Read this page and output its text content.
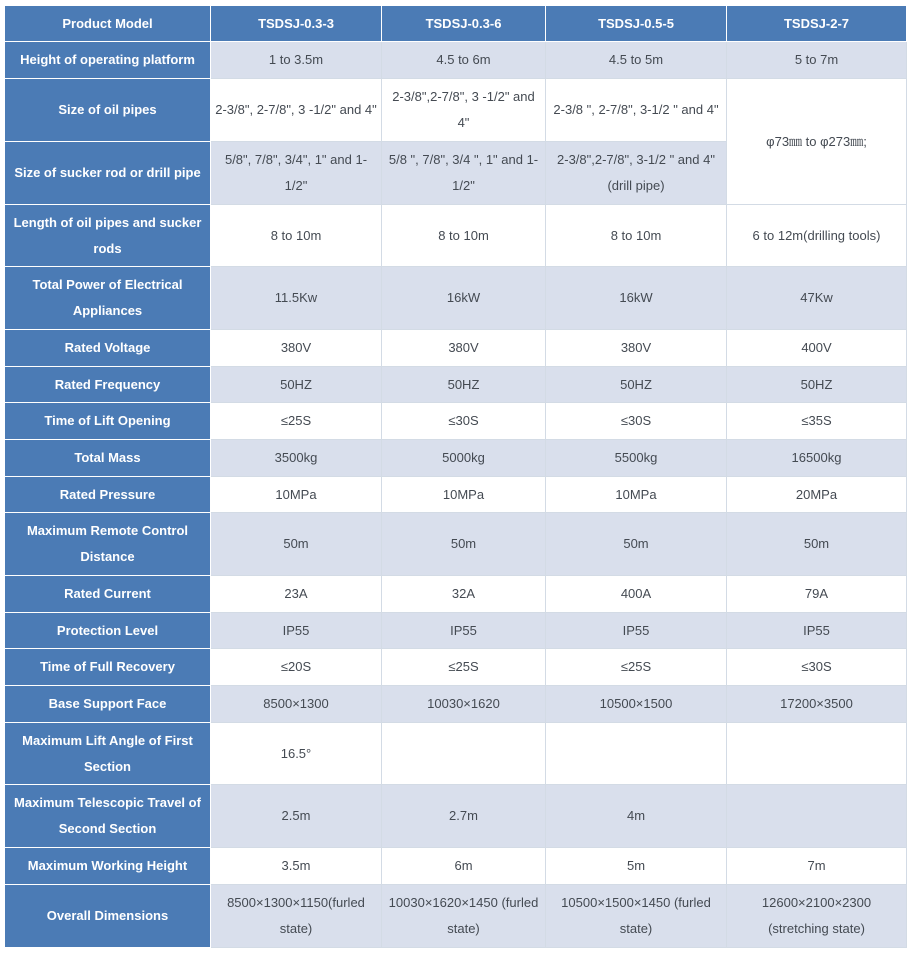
Product Model	TSDSJ-0.3-3	TSDSJ-0.3-6	TSDSJ-0.5-5	TSDSJ-2-7
Height of operating platform	1 to 3.5m	4.5 to 6m	4.5 to 5m	5 to 7m
Size of oil pipes	2-3/8", 2-7/8", 3 -1/2" and 4"	2-3/8",2-7/8", 3 -1/2" and 4"	2-3/8 ", 2-7/8", 3-1/2 " and 4"	φ73㎜ to φ273㎜;
Size of sucker rod or drill pipe	5/8", 7/8", 3/4", 1" and 1-1/2"	5/8 ", 7/8", 3/4 ", 1" and 1-1/2"	2-3/8",2-7/8", 3-1/2 " and 4" (drill pipe)	
Length of oil pipes and sucker rods	8 to 10m	8 to 10m	8 to 10m	6 to 12m(drilling tools)
Total Power of Electrical Appliances	11.5Kw	16kW	16kW	47Kw
Rated Voltage	380V	380V	380V	400V
Rated Frequency	50HZ	50HZ	50HZ	50HZ
Time of Lift Opening	≤25S	≤30S	≤30S	≤35S
Total Mass	3500kg	5000kg	5500kg	16500kg
Rated Pressure	10MPa	10MPa	10MPa	20MPa
Maximum Remote Control Distance	50m	50m	50m	50m
Rated Current	23A	32A	400A	79A
Protection Level	IP55	IP55	IP55	IP55
Time of Full Recovery	≤20S	≤25S	≤25S	≤30S
Base Support Face	8500×1300	10030×1620	10500×1500	17200×3500
Maximum Lift Angle of First Section	16.5°			
Maximum Telescopic Travel of Second Section	2.5m	2.7m	4m	
Maximum Working Height	3.5m	6m	5m	7m
Overall Dimensions	8500×1300×1150(furled state)	10030×1620×1450 (furled state)	10500×1500×1450 (furled state)	12600×2100×2300 (stretching state)
